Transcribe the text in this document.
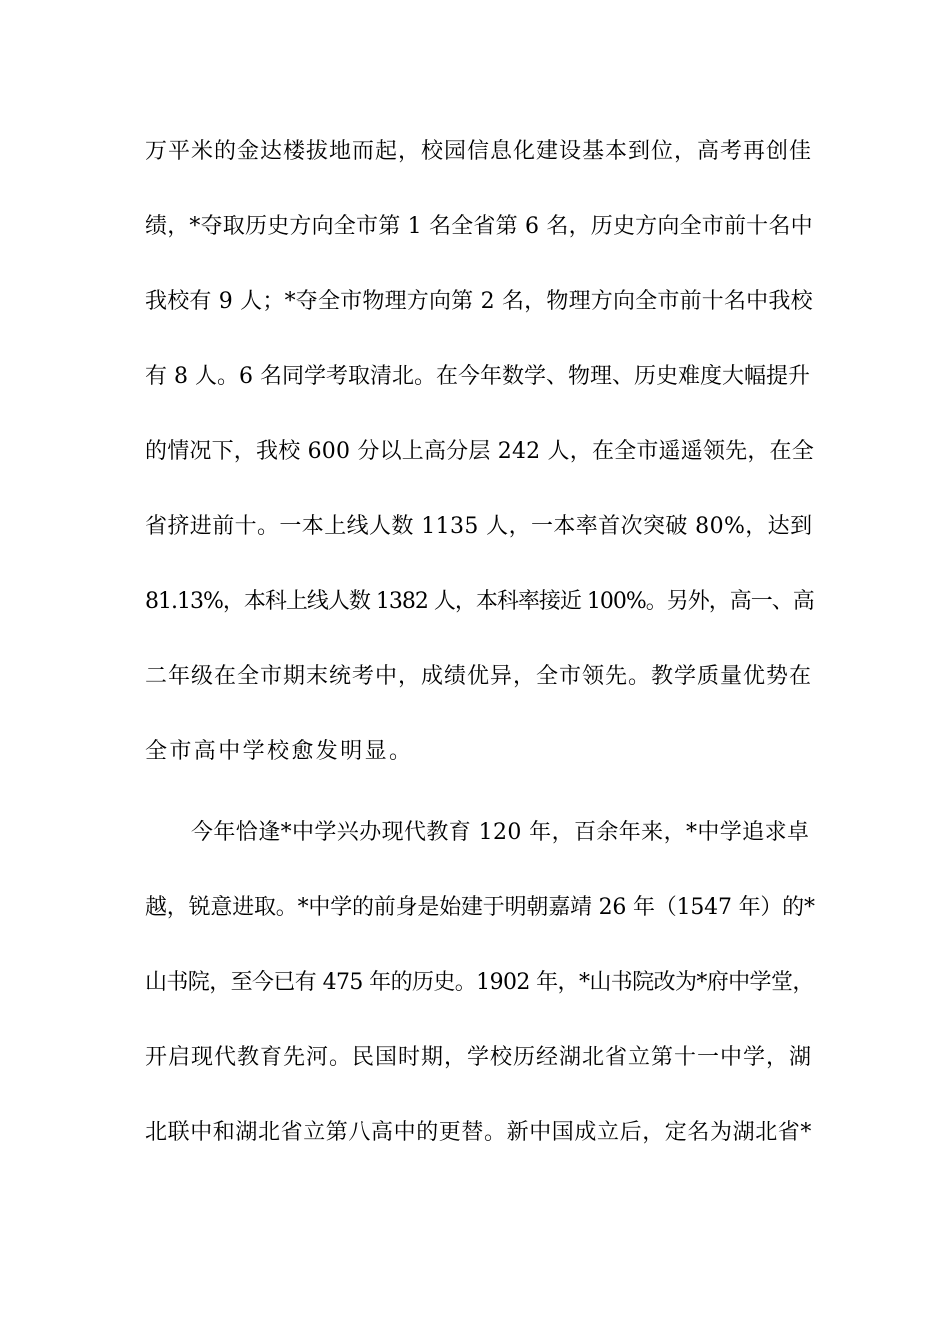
万平米的金达楼拔地而起，校园信息化建设基本到位，高考再创佳
绩，*夺取历史方向全市第 1 名全省第 6 名，历史方向全市前十名中
我校有 9 人；*夺全市物理方向第 2 名，物理方向全市前十名中我校
有 8 人。6 名同学考取清北。在今年数学、物理、历史难度大幅提升
的情况下，我校 600 分以上高分层 242 人，在全市遥遥领先，在全
省挤进前十。一本上线人数 1135 人，一本率首次突破 80%，达到
81.13%，本科上线人数 1382 人，本科率接近 100%。另外，高一、高
二年级在全市期末统考中，成绩优异，全市领先。教学质量优势在
全市高中学校愈发明显。
今年恰逢*中学兴办现代教育 120 年，百余年来，*中学追求卓
越，锐意进取。*中学的前身是始建于明朝嘉靖 26 年（1547 年）的*
山书院，至今已有 475 年的历史。1902 年，*山书院改为*府中学堂，
开启现代教育先河。民国时期，学校历经湖北省立第十一中学，湖
北联中和湖北省立第八高中的更替。新中国成立后，定名为湖北省*
